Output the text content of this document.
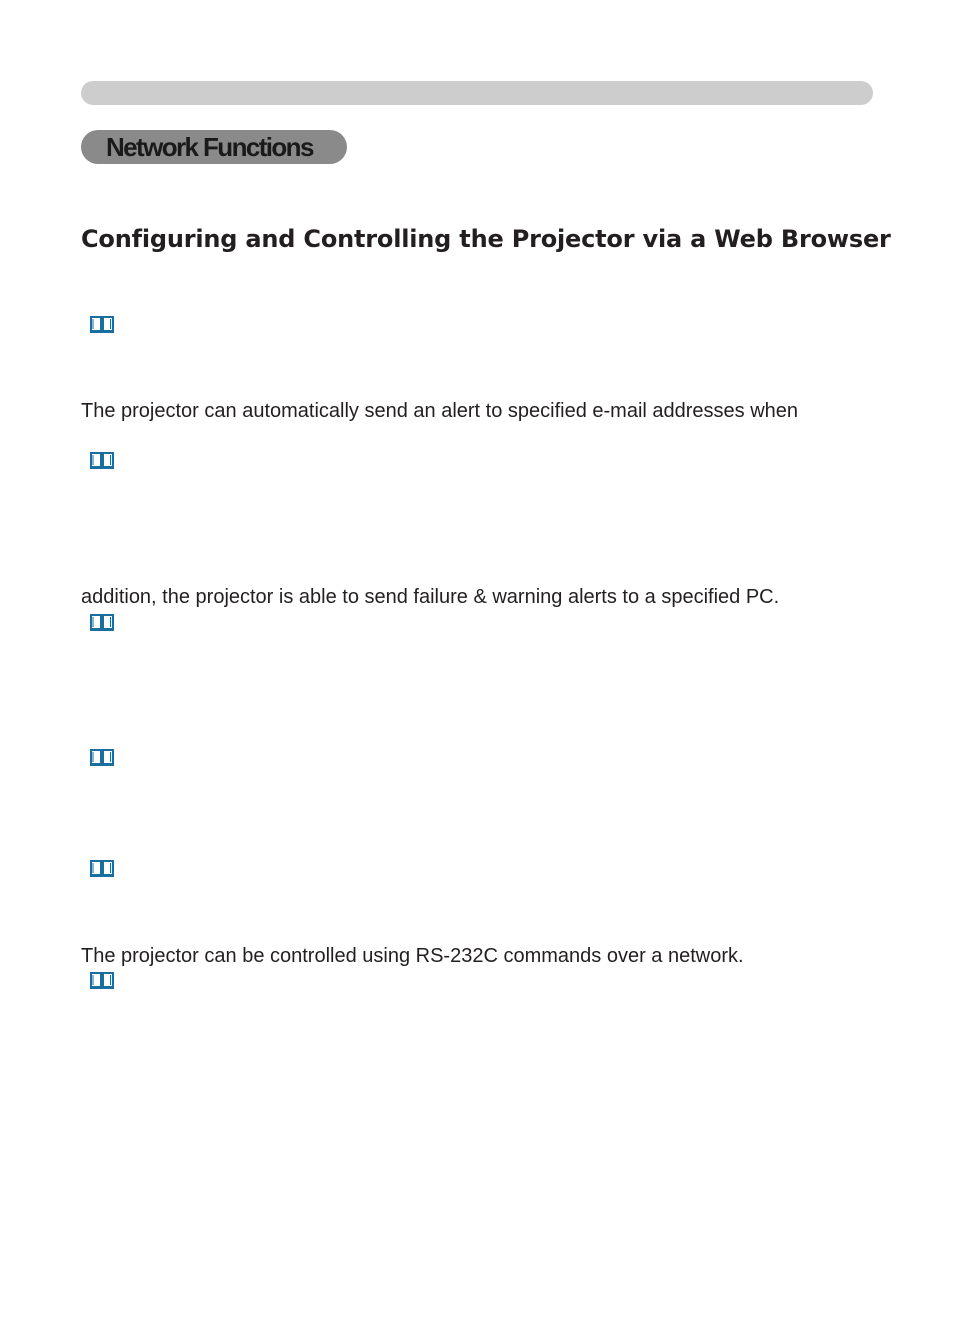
Network Functions
Configuring and Controlling the Projector via a Web Browser
The projector can automatically send an alert to specified e-mail addresses when
addition, the projector is able to send failure & warning alerts to a specified PC.
The projector can be controlled using RS-232C commands over a network.
